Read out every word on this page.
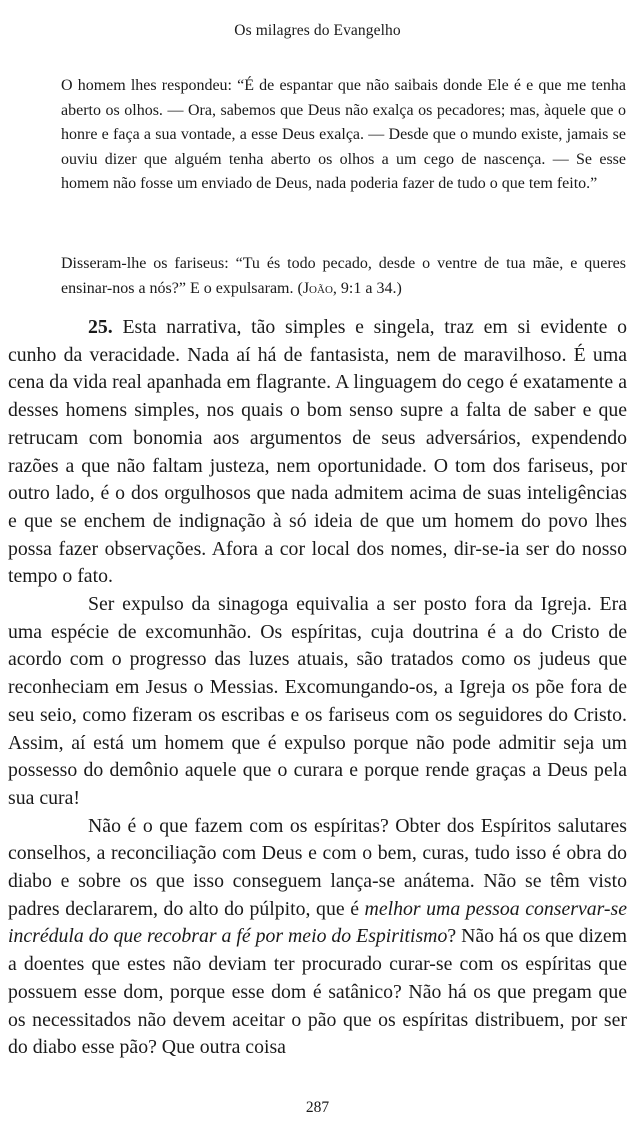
Os milagres do Evangelho

O homem lhes respondeu: “É de espantar que não saibais donde Ele é e que me tenha aberto os olhos. — Ora, sabemos que Deus não exalça os pecadores; mas, àquele que o honre e faça a sua vontade, a esse Deus exalça. — Desde que o mundo existe, jamais se ouviu dizer que alguém tenha aberto os olhos a um cego de nascença. — Se esse homem não fosse um enviado de Deus, nada poderia fazer de tudo o que tem feito.”

Disseram-lhe os fariseus: “Tu és todo pecado, desde o ventre de tua mãe, e queres ensinar-nos a nós?” E o expulsaram. (João, 9:1 a 34.)

25. Esta narrativa, tão simples e singela, traz em si evidente o cunho da veracidade. Nada aí há de fantasista, nem de maravilhoso. É uma cena da vida real apanhada em flagrante. A linguagem do cego é exatamente a desses homens simples, nos quais o bom senso supre a falta de saber e que retrucam com bonomia aos argumentos de seus adversários, expendendo razões a que não faltam justeza, nem oportunidade. O tom dos fariseus, por outro lado, é o dos orgulhosos que nada admitem acima de suas inteligências e que se enchem de indignação à só ideia de que um homem do povo lhes possa fazer observações. Afora a cor local dos nomes, dir-se-ia ser do nosso tempo o fato.

Ser expulso da sinagoga equivalia a ser posto fora da Igreja. Era uma espécie de excomunhão. Os espíritas, cuja doutrina é a do Cristo de acordo com o progresso das luzes atuais, são tratados como os judeus que reconheciam em Jesus o Messias. Excomungando-os, a Igreja os põe fora de seu seio, como fizeram os escribas e os fariseus com os seguidores do Cristo. Assim, aí está um homem que é expulso porque não pode admitir seja um possesso do demônio aquele que o curara e porque rende graças a Deus pela sua cura!

Não é o que fazem com os espíritas? Obter dos Espíritos salutares conselhos, a reconciliação com Deus e com o bem, curas, tudo isso é obra do diabo e sobre os que isso conseguem lança-se anátema. Não se têm visto padres declararem, do alto do púlpito, que é melhor uma pessoa conservar-se incrédula do que recobrar a fé por meio do Espiritismo? Não há os que dizem a doentes que estes não deviam ter procurado curar-se com os espíritas que possuem esse dom, porque esse dom é satânico? Não há os que pregam que os necessitados não devem aceitar o pão que os espíritas distribuem, por ser do diabo esse pão? Que outra coisa

287
